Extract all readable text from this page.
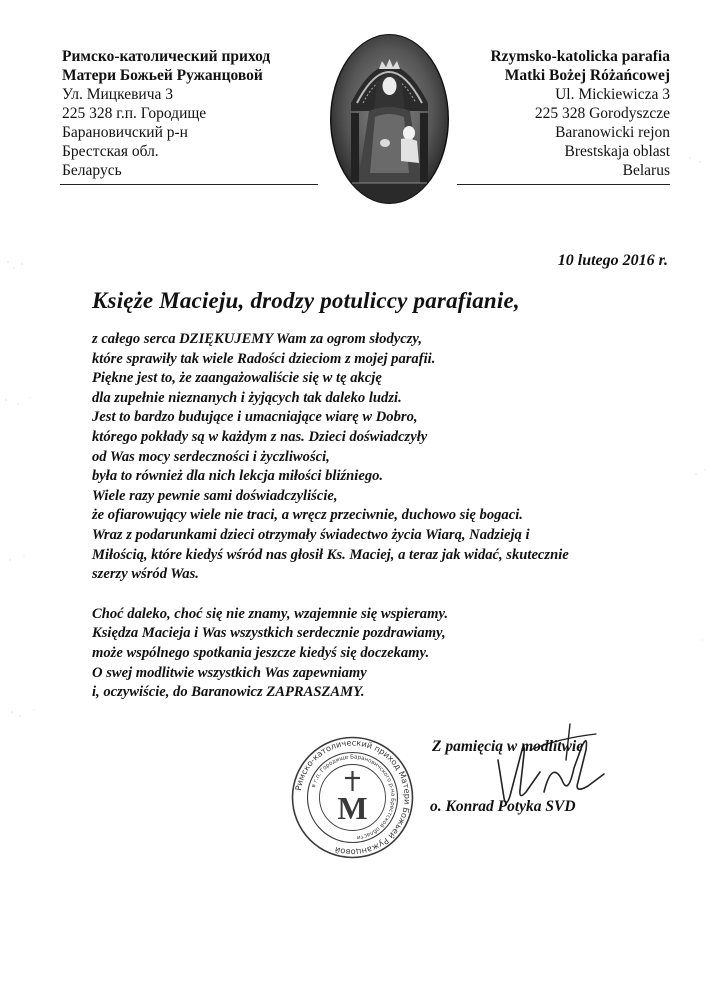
Римско-католический приход
Матери Божьей Ружанцовой
Ул. Мицкевича 3
225 328 г.п. Городище
Барановичский р-н
Брестская обл.
Беларусь
Rzymsko-katolicka parafia
Matki Bożej Różańcowej
Ul. Mickiewicza 3
225 328 Gorodyszcze
Baranowicki rejon
Brestskaja oblast
Belarus
10 lutego 2016 r.
Księże Macieju, drodzy potuliccy parafianie,
z całego serca DZIĘKUJEMY Wam za ogrom słodyczy,
które sprawiły tak wiele Radości dzieciom z mojej parafii.
Piękne jest to, że zaangażowaliście się w tę akcję
dla zupełnie nieznanych i żyjących tak daleko ludzi.
Jest to bardzo budujące i umacniające wiarę w Dobro,
którego pokłady są w każdym z nas. Dzieci doświadczyły
od Was mocy serdeczności i życzliwości,
była to również dla nich lekcja miłości bliźniego.
Wiele razy pewnie sami doświadczyliście,
że ofiarowujący wiele nie traci, a wręcz przeciwnie, duchowo się bogaci.
Wraz z podarunkami dzieci otrzymały świadectwo życia Wiarą, Nadzieją i
Miłością, które kiedyś wśród nas głosił Ks. Maciej, a teraz jak widać, skutecznie
szerzy wśród Was.
Choć daleko, choć się nie znamy, wzajemnie się wspieramy.
Księdza Macieja i Was wszystkich serdecznie pozdrawiamy,
może wspólnego spotkania jeszcze kiedyś się doczekamy.
O swej modlitwie wszystkich Was zapewniamy
i, oczywiście, do Baranowicz ZAPRASZAMY.
Римско-католический приход Матери Божьей Ружанцовой
в г.п. Городище Барановичского р-на Брестской области
M
Z pamięcią w modlitwie
o. Konrad Potyka SVD
